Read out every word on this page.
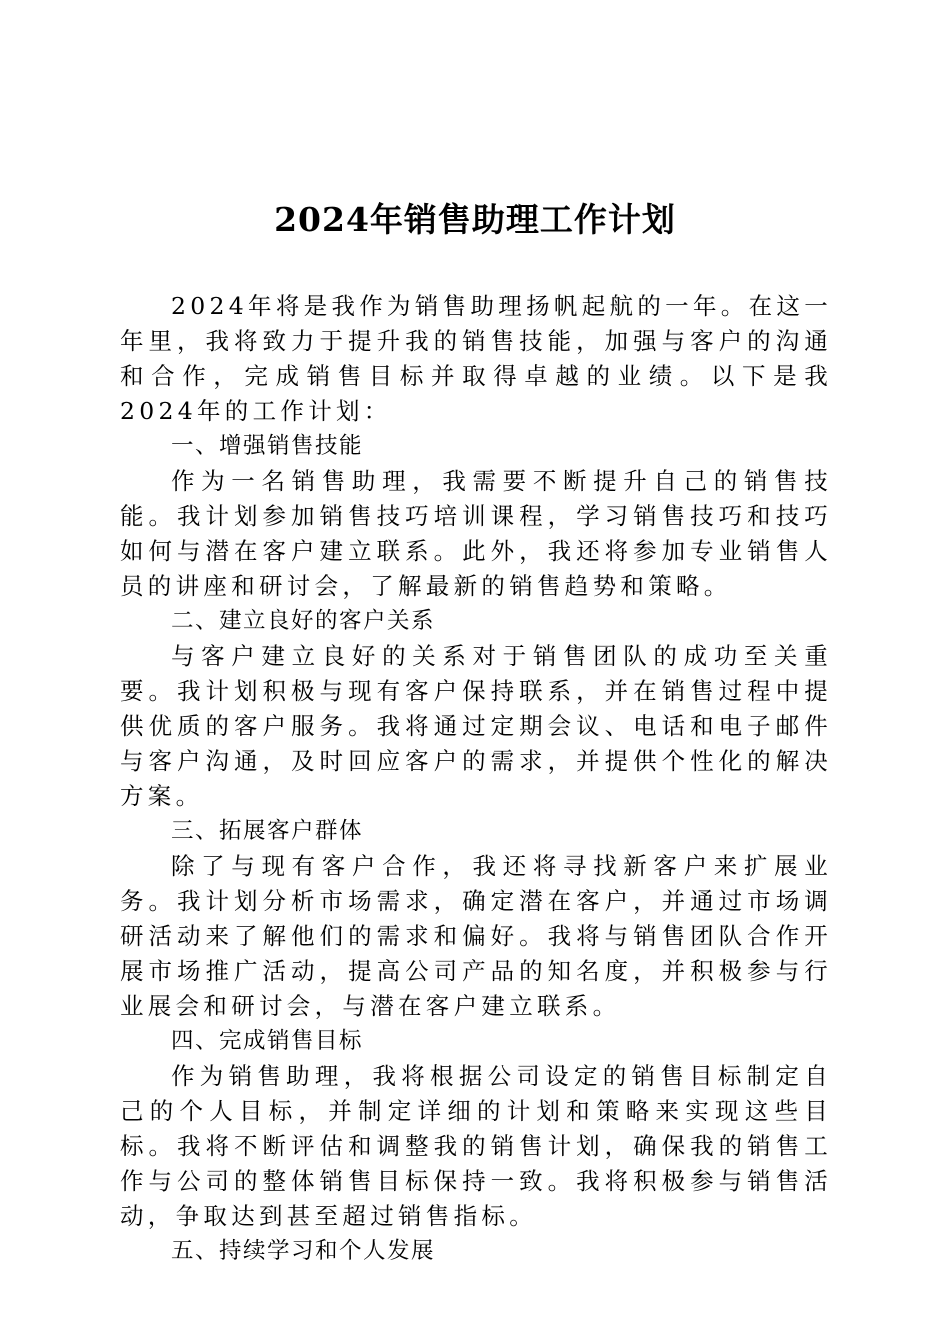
2024年销售助理工作计划

2024年将是我作为销售助理扬帆起航的一年。在这一年里，我将致力于提升我的销售技能，加强与客户的沟通和合作，完成销售目标并取得卓越的业绩。以下是我2024年的工作计划：

一、增强销售技能

作为一名销售助理，我需要不断提升自己的销售技能。我计划参加销售技巧培训课程，学习销售技巧和技巧如何与潜在客户建立联系。此外，我还将参加专业销售人员的讲座和研讨会，了解最新的销售趋势和策略。

二、建立良好的客户关系

与客户建立良好的关系对于销售团队的成功至关重要。我计划积极与现有客户保持联系，并在销售过程中提供优质的客户服务。我将通过定期会议、电话和电子邮件与客户沟通，及时回应客户的需求，并提供个性化的解决方案。

三、拓展客户群体

除了与现有客户合作，我还将寻找新客户来扩展业务。我计划分析市场需求，确定潜在客户，并通过市场调研活动来了解他们的需求和偏好。我将与销售团队合作开展市场推广活动，提高公司产品的知名度，并积极参与行业展会和研讨会，与潜在客户建立联系。

四、完成销售目标

作为销售助理，我将根据公司设定的销售目标制定自己的个人目标，并制定详细的计划和策略来实现这些目标。我将不断评估和调整我的销售计划，确保我的销售工作与公司的整体销售目标保持一致。我将积极参与销售活动，争取达到甚至超过销售指标。

五、持续学习和个人发展
